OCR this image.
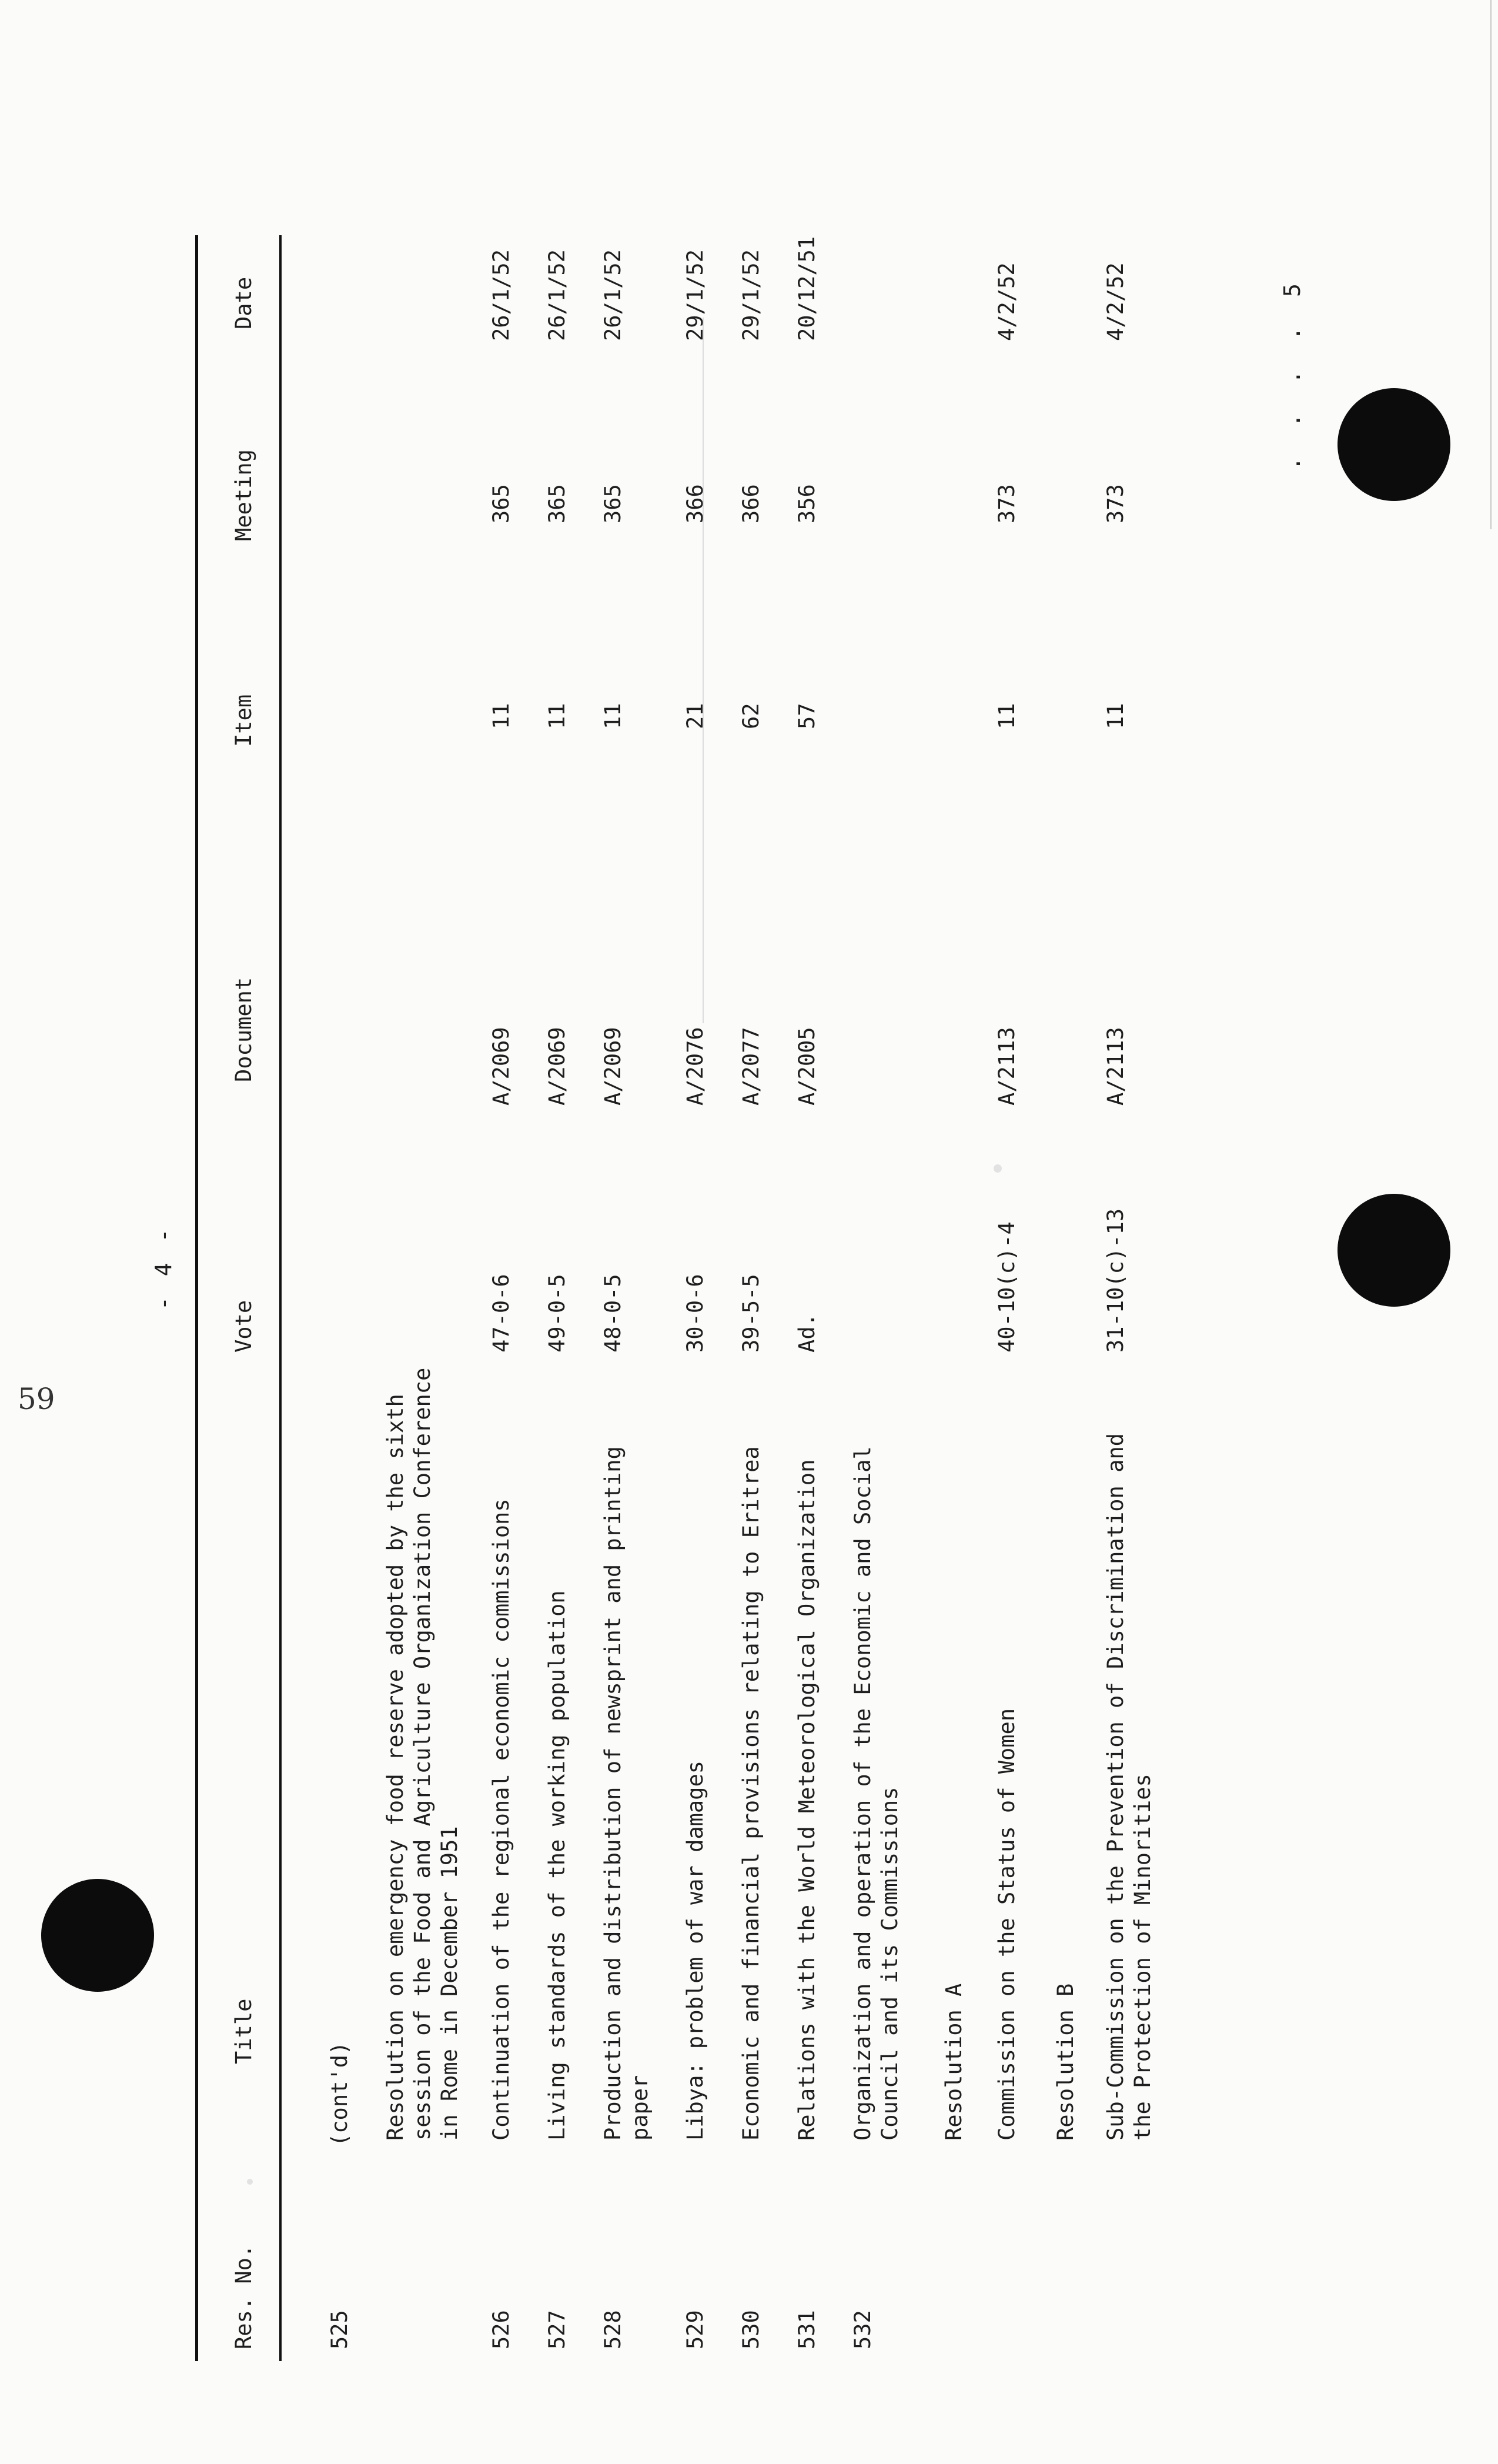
- 4 -
Res. No.
Title
Vote
Document
Item
Meeting
Date
525
(cont'd) Resolution on emergency food reserve adopted by the sixth session of the Food and Agriculture Organization Conference in Rome in December 1951
526
47-0-6
A/2069
11
365
26/1/52
Continuation of the regional economic commissions
527
49-0-5
A/2069
11
365
26/1/52
Living standards of the working population
528
48-0-5
A/2069
11
365
26/1/52
Production and distribution of newsprint and printing paper
529
30-0-6
A/2076
21
366
29/1/52
Libya: problem of war damages
530
39-5-5
A/2077
62
366
29/1/52
Economic and financial provisions relating to Eritrea
531
Ad.
A/2005
57
356
20/12/51
Relations with the World Meteorological Organization
532
Organization and operation of the Economic and Social Council and its Commissions Resolution A
40-10(c)-4
A/2113
11
373
4/2/52
Commission on the Status of Women Resolution B
31-10(c)-13
A/2113
11
373
4/2/52
Sub-Commission on the Prevention of Discrimination and the Protection of Minorities
. . . . 5
59
